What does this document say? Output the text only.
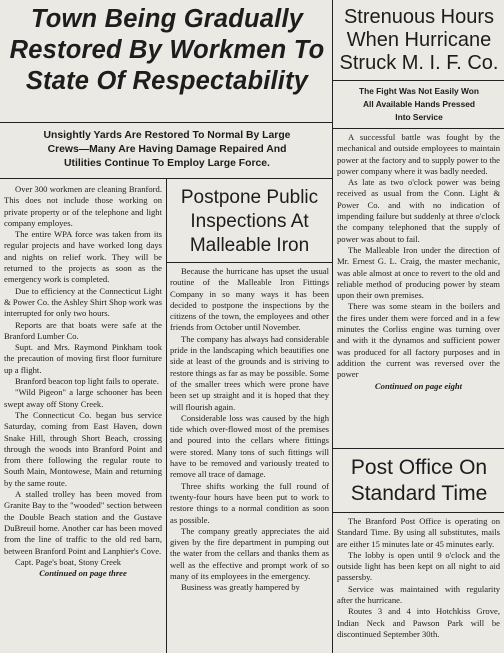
Town Being Gradually
Restored By Workmen To
State Of Respectability
Unsightly Yards Are Restored To Normal By Large
Crews—Many Are Having Damage Repaired And
Utilities Continue To Employ Large Force.

Over 300 workmen are cleaning Branford. This does not include those working on private property or of the telephone and light company employes.

The entire WPA force was taken from its regular projects and have worked long days and nights on relief work. They will be returned to the projects as soon as the emergency work is completed.

Due to efficiency at the Connecticut Light & Power Co. the Ashley Shirt Shop work was interrupted for only two hours.

Reports are that boats were safe at the Branford Lumber Co.

Supt. and Mrs. Raymond Pinkham took the precaution of moving first floor furniture up a flight.

Branford beacon top light fails to operate.

"Wild Pigeon" a large schooner has been swept away off Stony Creek.

The Connecticut Co. began bus service Saturday, coming from East Haven, down Snake Hill, through Short Beach, crossing through the woods into Branford Point and from there following the regular route to South Main, Montowese, Main and returning by the same route.

A stalled trolley has been moved from Granite Bay to the "wooded" section between the Double Beach station and the Gustave DuBreuil home. Another car has been moved from the line of traffic to the old red barn, between Branford Point and Lanphier's Cove.

Capt. Page's boat, Stony Creek

Continued on page three

Postpone Public
Inspections At
Malleable Iron

Because the hurricane has upset the usual routine of the Malleable Iron Fittings Company in so many ways it has been decided to postpone the inspections by the citizens of the town, the employees and other friends from October until November.

The company has always had considerable pride in the landscaping which beautifies one side at least of the grounds and is striving to restore things as far as may be possible. Some of the smaller trees which were prone have been set up straight and it is hoped that they will flourish again.

Considerable loss was caused by the high tide which over-flowed most of the premises and poured into the cellars where fittings were stored. Many tons of such fittings will have to be removed and variously treated to remove all trace of damage.

Three shifts working the full round of twenty-four hours have been put to work to restore things to a normal condition as soon as possible.

The company greatly appreciates the aid given by the fire department in pumping out the water from the cellars and thanks them as well as the effective and prompt work of so many of its employees in the emergency.

Business was greatly hampered by

Strenuous Hours
When Hurricane
Struck M. I. F. Co.
The Fight Was Not Easily Won
All Available Hands Pressed
Into Service

A successful battle was fought by the mechanical and outside employees to maintain power at the factory and to supply power to the power company where it was badly needed.

As late as two o'clock power was being received as usual from the Conn. Light & Power Co. and with no indication of impending failure but suddenly at three o'clock the company telephoned that the supply of power was about to fail.

The Malleable Iron under the direction of Mr. Ernest G. L. Craig, the master mechanic, was able almost at once to revert to the old and reliable method of producing power by steam upon their own premises.

There was some steam in the boilers and the fires under them were forced and in a few minutes the Corliss engine was turning over and with it the dynamos and sufficient power was produced for all factory purposes and in addition the current was reversed over the power

Continued on page eight

Post Office On
Standard Time

The Branford Post Office is operating on Standard Time. By using all substitutes, mails are either 15 minutes late or 45 minutes early.

The lobby is open until 9 o'clock and the outside light has been kept on all night to aid passersby.

Service was maintained with regularity after the hurricane.

Routes 3 and 4 into Hotchkiss Grove, Indian Neck and Pawson Park will be discontinued September 30th.
